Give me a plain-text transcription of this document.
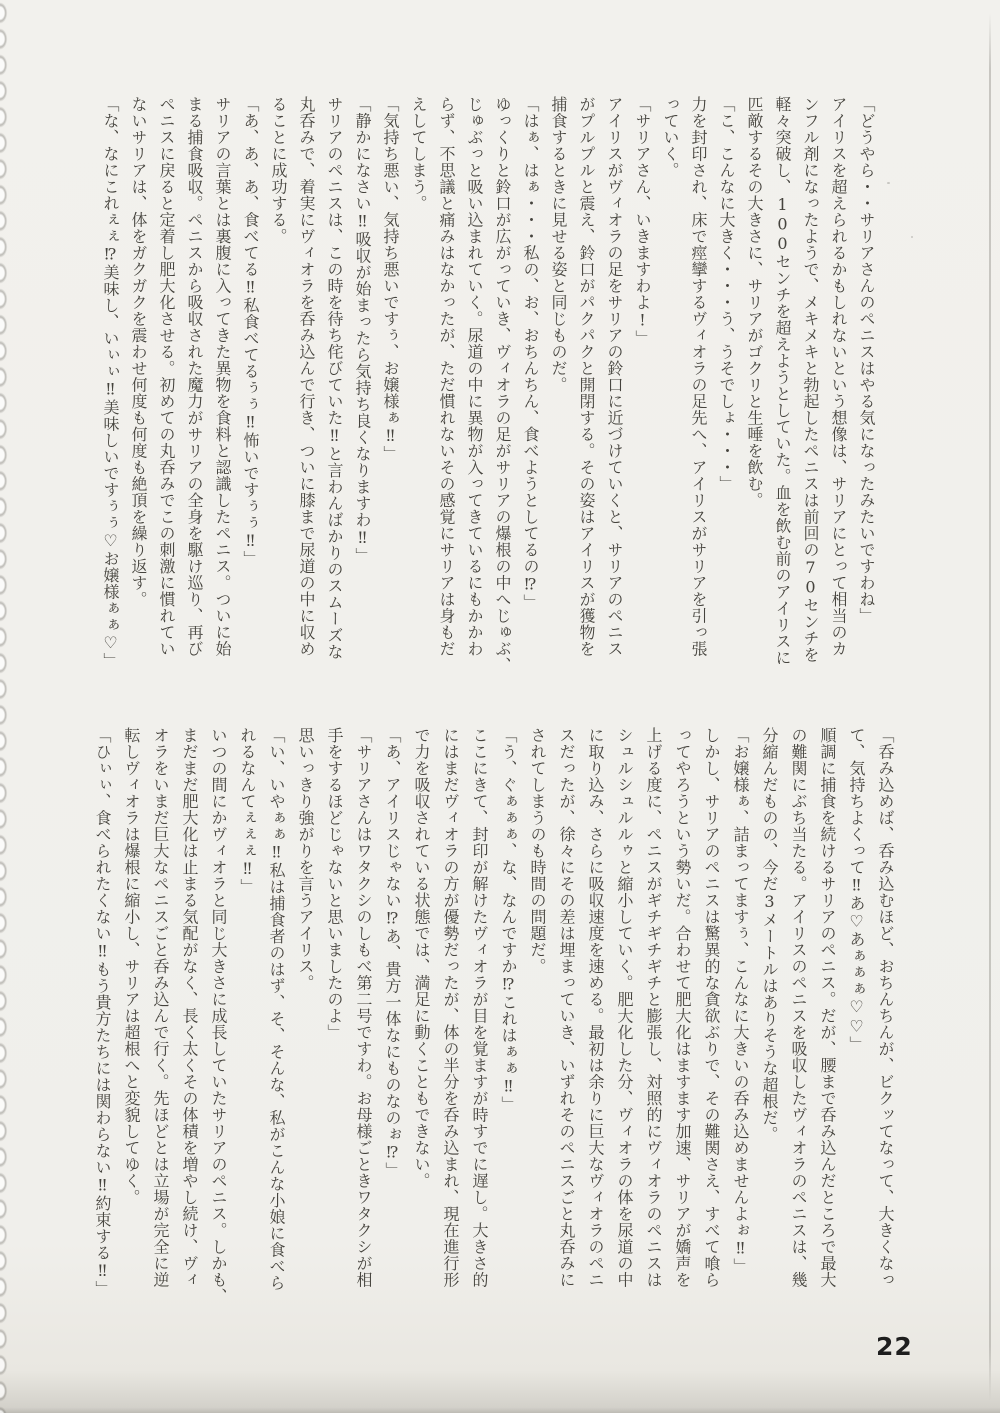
「どうやら・・サリアさんのペニスはやる気になったみたいですわね」

アイリスを超えられるかもしれないという想像は、サリアにとって相当のカ

ンフル剤になったようで、メキメキと勃起したペニスは前回の70センチを

軽々突破し、100センチを超えようとしていた。血を飲む前のアイリスに

匹敵するその大きさに、サリアがゴクリと生唾を飲む。

「こ、こんなに大きく・・・う、うそでしょ・・・」

力を封印され、床で痙攣するヴィオラの足先へ、アイリスがサリアを引っ張

っていく。

「サリアさん、いきますわよ!」

アイリスがヴィオラの足をサリアの鈴口に近づけていくと、サリアのペニス

がプルプルと震え、鈴口がパクパクと開閉する。その姿はアイリスが獲物を

捕食するときに見せる姿と同じものだ。

「はぁ、はぁ・・・私の、お、おちんちん、食べようとしてるの⁉」

ゆっくりと鈴口が広がっていき、ヴィオラの足がサリアの爆根の中へじゅぶ、

じゅぶっと吸い込まれていく。尿道の中に異物が入ってきているにもかかわ

らず、不思議と痛みはなかったが、ただ慣れないその感覚にサリアは身もだ

えしてしまう。

「気持ち悪い、気持ち悪いですぅ、お嬢様ぁ‼」

「静かになさい‼吸収が始まったら気持ち良くなりますわ‼」

サリアのペニスは、この時を待ち侘びていた‼と言わんばかりのスムーズな

丸呑みで、着実にヴィオラを呑み込んで行き、ついに膝まで尿道の中に収め

ることに成功する。

「あ、あ、あ、食べてる‼私食べてるぅぅ‼怖いですぅぅ‼」

サリアの言葉とは裏腹に入ってきた異物を食料と認識したペニス。ついに始

まる捕食吸収。ペニスから吸収された魔力がサリアの全身を駆け巡り、再び

ペニスに戻ると定着し肥大化させる。初めての丸呑みでこの刺激に慣れてい

ないサリアは、体をガクガクを震わせ何度も何度も絶頂を繰り返す。

「な、なにこれぇぇ⁉美味し、いぃぃ‼美味しいですぅぅ♡お嬢様ぁぁ♡」

「呑み込めば、呑み込むほど、おちんちんが、ビクッてなって、大きくなっ

て、気持ちよくって‼あ♡あぁぁぁ♡♡」

順調に捕食を続けるサリアのペニス。だが、腰まで呑み込んだところで最大

の難関にぶち当たる。アイリスのペニスを吸収したヴィオラのペニスは、幾

分縮んだものの、今だ3メートルはありそうな超根だ。

「お嬢様ぁ、詰まってますぅ、こんなに大きいの呑み込めませんよぉ‼」

しかし、サリアのペニスは驚異的な貪欲ぶりで、その難関さえ、すべて喰ら

ってやろうという勢いだ。合わせて肥大化はますます加速、サリアが嬌声を

上げる度に、ペニスがギチギチギチと膨張し、対照的にヴィオラのペニスは

シュルシュルルゥと縮小していく。肥大化した分、ヴィオラの体を尿道の中

に取り込み、さらに吸収速度を速める。最初は余りに巨大なヴィオラのペニ

スだったが、徐々にその差は埋まっていき、いずれそのペニスごと丸呑みに

されてしまうのも時間の問題だ。

「う、ぐぁぁぁ、な、なんですか⁉これはぁぁ‼」

ここにきて、封印が解けたヴィオラが目を覚ますが時すでに遅し。大きさ的

にはまだヴィオラの方が優勢だったが、体の半分を呑み込まれ、現在進行形

で力を吸収されている状態では、満足に動くこともできない。

「あ、アイリスじゃない⁉あ、貴方一体なにものなのぉ⁉」

「サリアさんはワタクシのしもべ第二号ですわ。お母様ごときワタクシが相

手をするほどじゃないと思いましたのよ」

思いっきり強がりを言うアイリス。

「い、いやぁぁ‼私は捕食者のはず、そ、そんな、私がこんな小娘に食べら

れるなんてぇぇぇ‼」

いつの間にかヴィオラと同じ大きさに成長していたサリアのペニス。しかも、

まだまだ肥大化は止まる気配がなく、長く太くその体積を増やし続け、ヴィ

オラをいまだ巨大なペニスごと呑み込んで行く。先ほどとは立場が完全に逆

転しヴィオラは爆根に縮小し、サリアは超根へと変貌してゆく。

「ひぃぃ、食べられたくない‼もう貴方たちには関わらない‼約束する‼」

22
